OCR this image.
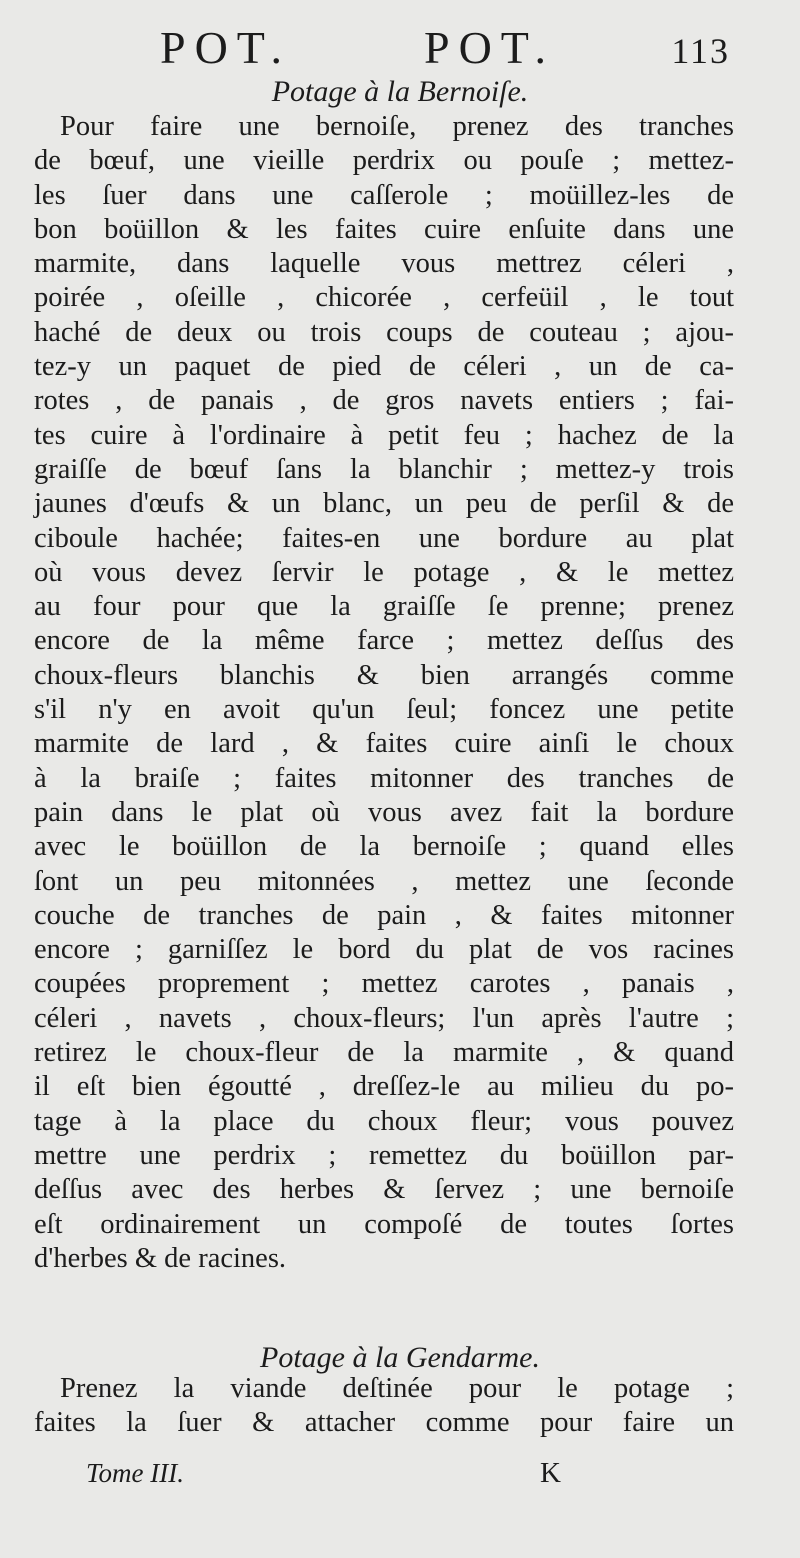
POT.	POT.	113
Potage à la Bernoiſe.
Pour faire une bernoiſe, prenez des tranches
de bœuf, une vieille perdrix ou pouſe ; mettez-
les ſuer dans une caſſerole ; moüillez-les de
bon boüillon & les faites cuire enſuite dans une
marmite, dans laquelle vous mettrez céleri ,
poirée , oſeille , chicorée , cerfeüil , le tout
haché de deux ou trois coups de couteau ; ajou-
tez-y un paquet de pied de céleri , un de ca-
rotes , de panais , de gros navets entiers ; fai-
tes cuire à l'ordinaire à petit feu ; hachez de la
graiſſe de bœuf ſans la blanchir ; mettez-y trois
jaunes d'œufs & un blanc, un peu de perſil & de
ciboule hachée; faites-en une bordure au plat
où vous devez ſervir le potage , & le mettez
au four pour que la graiſſe ſe prenne; prenez
encore de la même farce ; mettez deſſus des
choux-fleurs blanchis & bien arrangés comme
s'il n'y en avoit qu'un ſeul; foncez une petite
marmite de lard , & faites cuire ainſi le choux
à la braiſe ; faites mitonner des tranches de
pain dans le plat où vous avez fait la bordure
avec le boüillon de la bernoiſe ; quand elles
ſont un peu mitonnées , mettez une ſeconde
couche de tranches de pain , & faites mitonner
encore ; garniſſez le bord du plat de vos racines
coupées proprement ; mettez carotes , panais ,
céleri , navets , choux-fleurs; l'un après l'autre ;
retirez le choux-fleur de la marmite , & quand
il eſt bien égoutté , dreſſez-le au milieu du po-
tage à la place du choux fleur; vous pouvez
mettre une perdrix ; remettez du boüillon par-
deſſus avec des herbes & ſervez ; une bernoiſe
eſt ordinairement un compoſé de toutes ſortes
d'herbes & de racines.
Potage à la Gendarme.
Prenez la viande deſtinée pour le potage ;
faites la ſuer & attacher comme pour faire un
Tome III.	K
